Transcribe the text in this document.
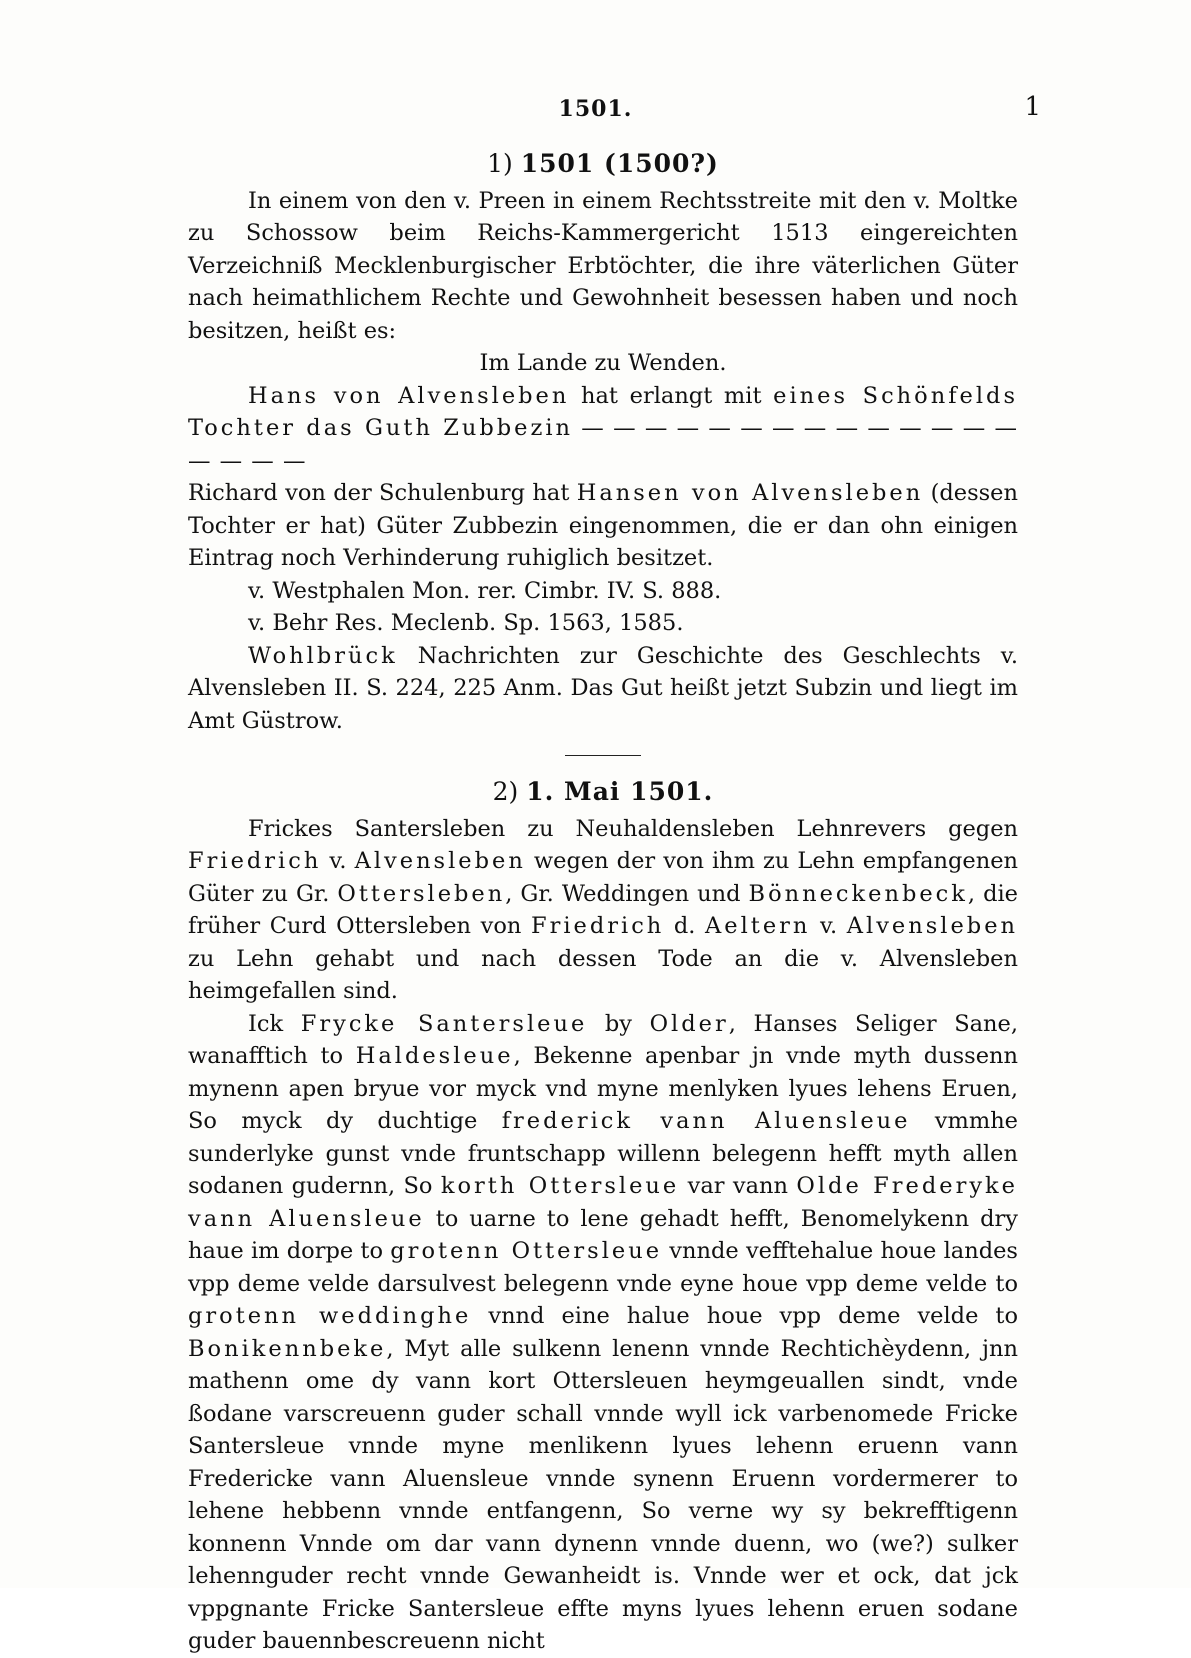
1501.	1
1) 1501 (1500?)

In einem von den v. Preen in einem Rechtsstreite mit den v. Moltke zu Schossow beim Reichs-Kammergericht 1513 eingereichten Verzeichniß Mecklenburgischer Erbtöchter, die ihre väterlichen Güter nach heimathlichem Rechte und Gewohnheit besessen haben und noch besitzen, heißt es:

Im Lande zu Wenden.

Hans von Alvensleben hat erlangt mit eines Schönfelds Tochter das Guth Zubbezin — — — — — — — — — — — — — — — — — —

Richard von der Schulenburg hat Hansen von Alvensleben (dessen Tochter er hat) Güter Zubbezin eingenommen, die er dan ohn einigen Eintrag noch Verhinderung ruhiglich besitzet.

v. Westphalen Mon. rer. Cimbr. IV. S. 888.

v. Behr Res. Meclenb. Sp. 1563, 1585.

Wohlbrück Nachrichten zur Geschichte des Geschlechts v. Alvensleben II. S. 224, 225 Anm. Das Gut heißt jetzt Subzin und liegt im Amt Güstrow.

2) 1. Mai 1501.

Frickes Santersleben zu Neuhaldensleben Lehnrevers gegen Friedrich v. Alvensleben wegen der von ihm zu Lehn empfangenen Güter zu Gr. Ottersleben, Gr. Weddingen und Bönneckenbeck, die früher Curd Ottersleben von Friedrich d. Aeltern v. Alvensleben zu Lehn gehabt und nach dessen Tode an die v. Alvensleben heimgefallen sind.

Ick Frycke Santersleue by Older, Hanses Seliger Sane, wanafftich to Haldesleue, Bekenne apenbar jn vnde myth dussenn mynenn apen bryue vor myck vnd myne menlyken lyues lehens Eruen, So myck dy duchtige frederick vann Aluensleue vmmhe sunderlyke gunst vnde fruntschapp willenn belegenn hefft myth allen sodanen gudernn, So korth Ottersleue var vann Olde Frederyke vann Aluensleue to uarne to lene gehadt hefft, Benomelykenn dry haue im dorpe to grotenn Ottersleue vnnde vefftehalue houe landes vpp deme velde darsulvest belegenn vnde eyne houe vpp deme velde to grotenn weddinghe vnnd eine halue houe vpp deme velde to Bonikennbeke, Myt alle sulkenn lenenn vnnde Rechtichèydenn, jnn mathenn ome dy vann kort Otterslеuen heymgeuallen sindt, vnde ßodane varscreuenn guder schall vnnde wyll ick varbenomede Fricke Santersleue vnnde myne menlikenn lyues lehenn eruenn vann Fredericke vann Aluensleue vnnde synenn Eruenn vordermerer to lehene hebbenn vnnde entfangenn, So verne wy sy bekrefftigenn konnenn Vnnde om dar vann dynenn vnnde duenn, wo (we?) sulker lehennguder recht vnnde Gewanheidt is. Vnnde wer et ock, dat jck vppgnante Fricke Santersleue effte myns lyues lehenn eruen sodane guder bauennbescreuenn nicht
